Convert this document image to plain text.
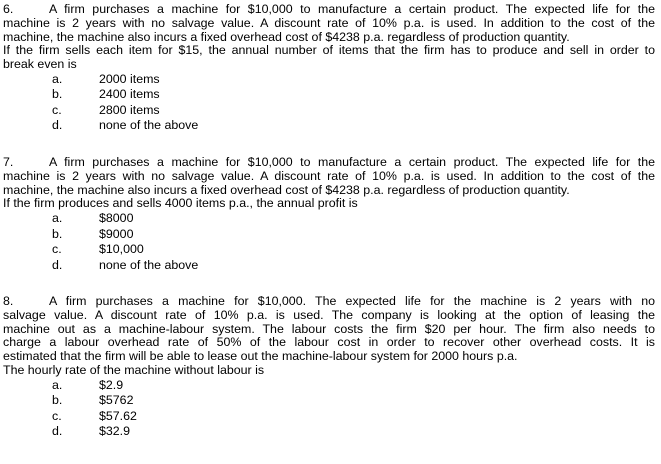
6.	A firm purchases a machine for $10,000 to manufacture a certain product. The expected life for the
machine is 2 years with no salvage value. A discount rate of 10% p.a. is used. In addition to the cost of the
machine, the machine also incurs a fixed overhead cost of $4238 p.a. regardless of production quantity.
If the firm sells each item for $15, the annual number of items that the firm has to produce and sell in order to
break even is
a.	2000 items
b.	2400 items
c.	2800 items
d.	none of the above
7.	A firm purchases a machine for $10,000 to manufacture a certain product. The expected life for the
machine is 2 years with no salvage value. A discount rate of 10% p.a. is used. In addition to the cost of the
machine, the machine also incurs a fixed overhead cost of $4238 p.a. regardless of production quantity.
If the firm produces and sells 4000 items p.a., the annual profit is
a.	$8000
b.	$9000
c.	$10,000
d.	none of the above
8.	A firm purchases a machine for $10,000. The expected life for the machine is 2 years with no
salvage value. A discount rate of 10% p.a. is used. The company is looking at the option of leasing the
machine out as a machine-labour system. The labour costs the firm $20 per hour. The firm also needs to
charge a labour overhead rate of 50% of the labour cost in order to recover other overhead costs. It is
estimated that the firm will be able to lease out the machine-labour system for 2000 hours p.a.
The hourly rate of the machine without labour is
a.	$2.9
b.	$5762
c.	$57.62
d.	$32.9
